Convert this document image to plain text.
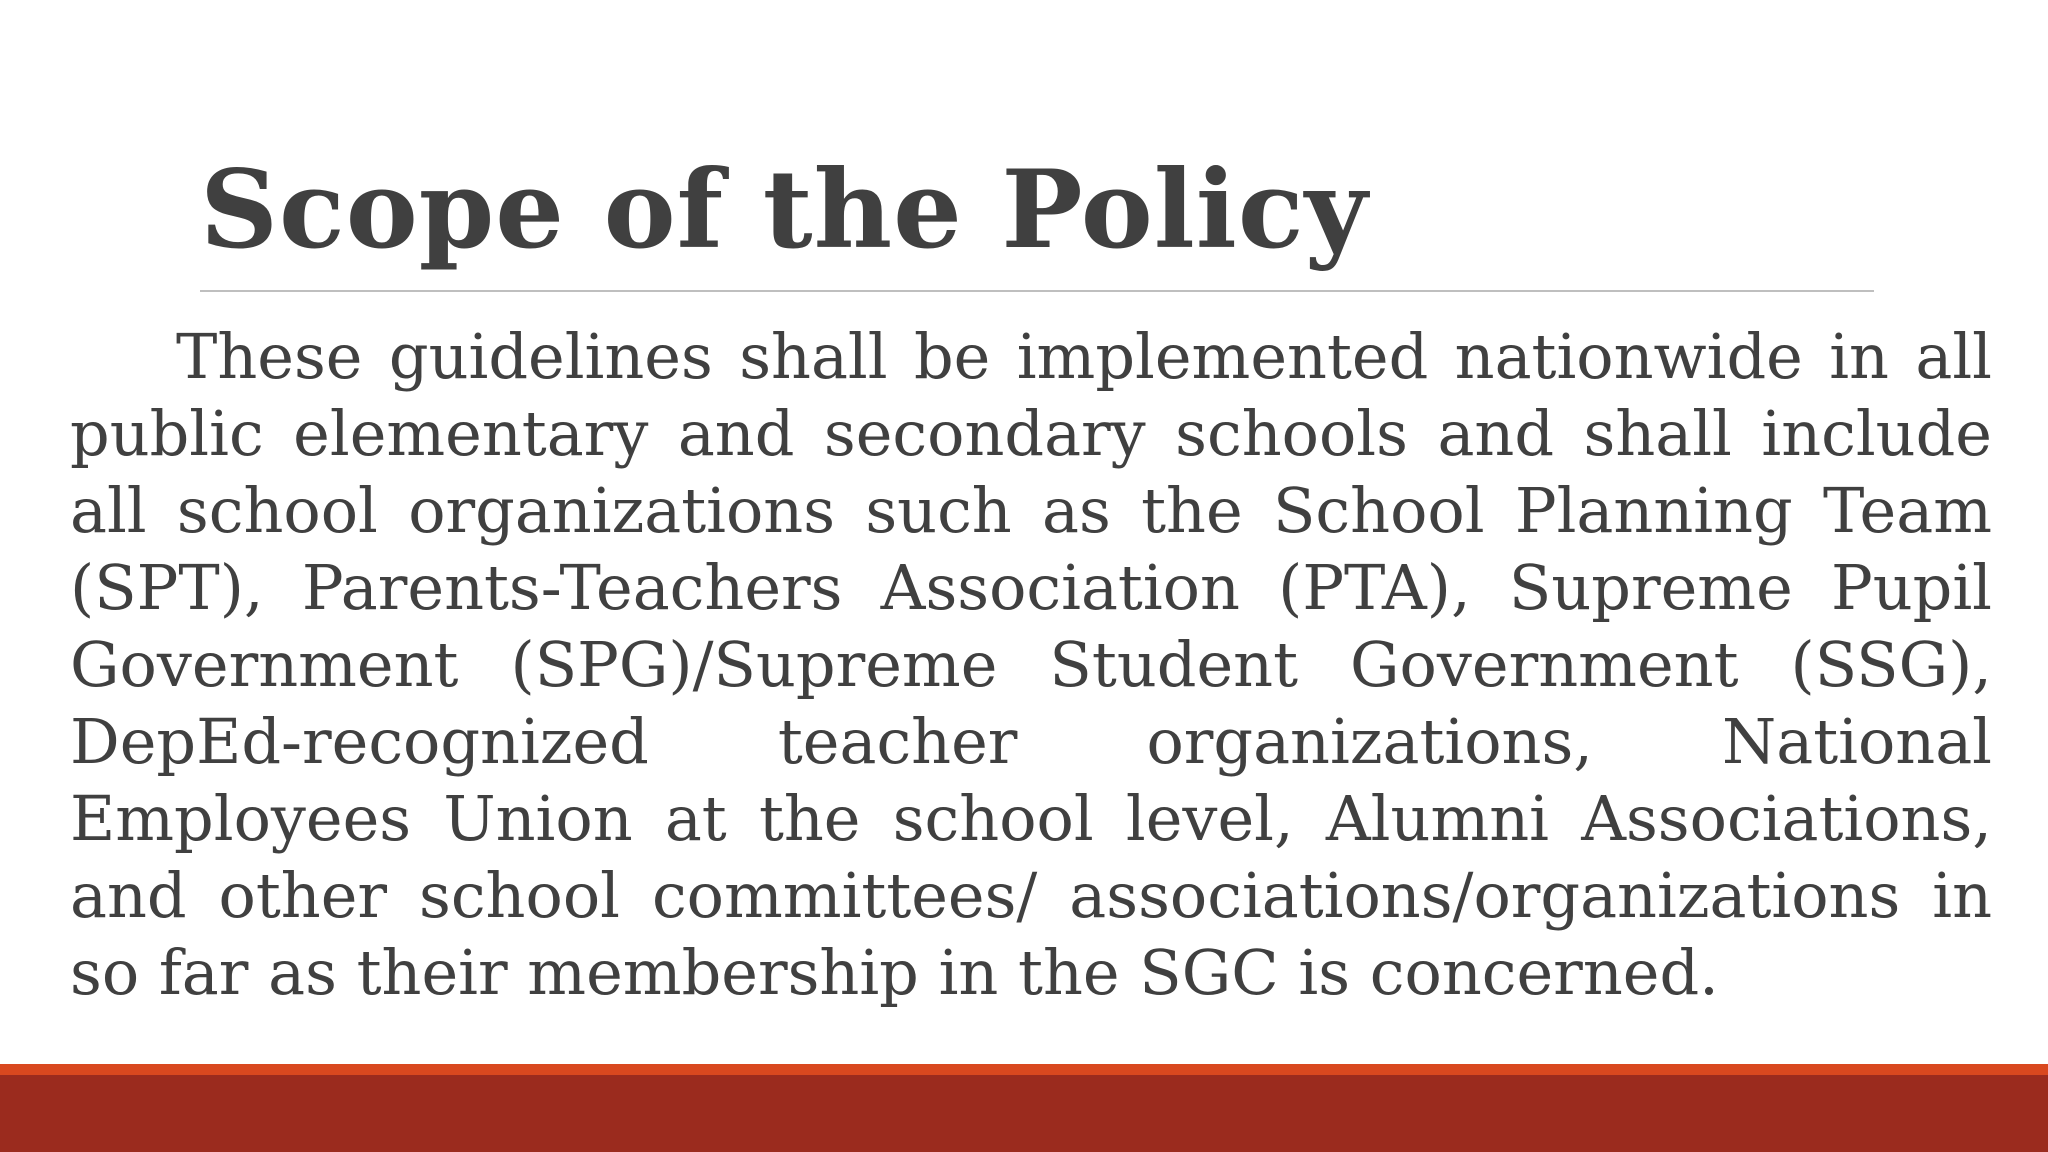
Scope of the Policy

These guidelines shall be implemented nationwide in all public elementary and secondary schools and shall include all school organizations such as the School Planning Team (SPT), Parents-Teachers Association (PTA), Supreme Pupil Government (SPG)/Supreme Student Government (SSG), DepEd-recognized teacher organizations, National Employees Union at the school level, Alumni Associations, and other school committees/ associations/organizations in so far as their membership in the SGC is concerned.
